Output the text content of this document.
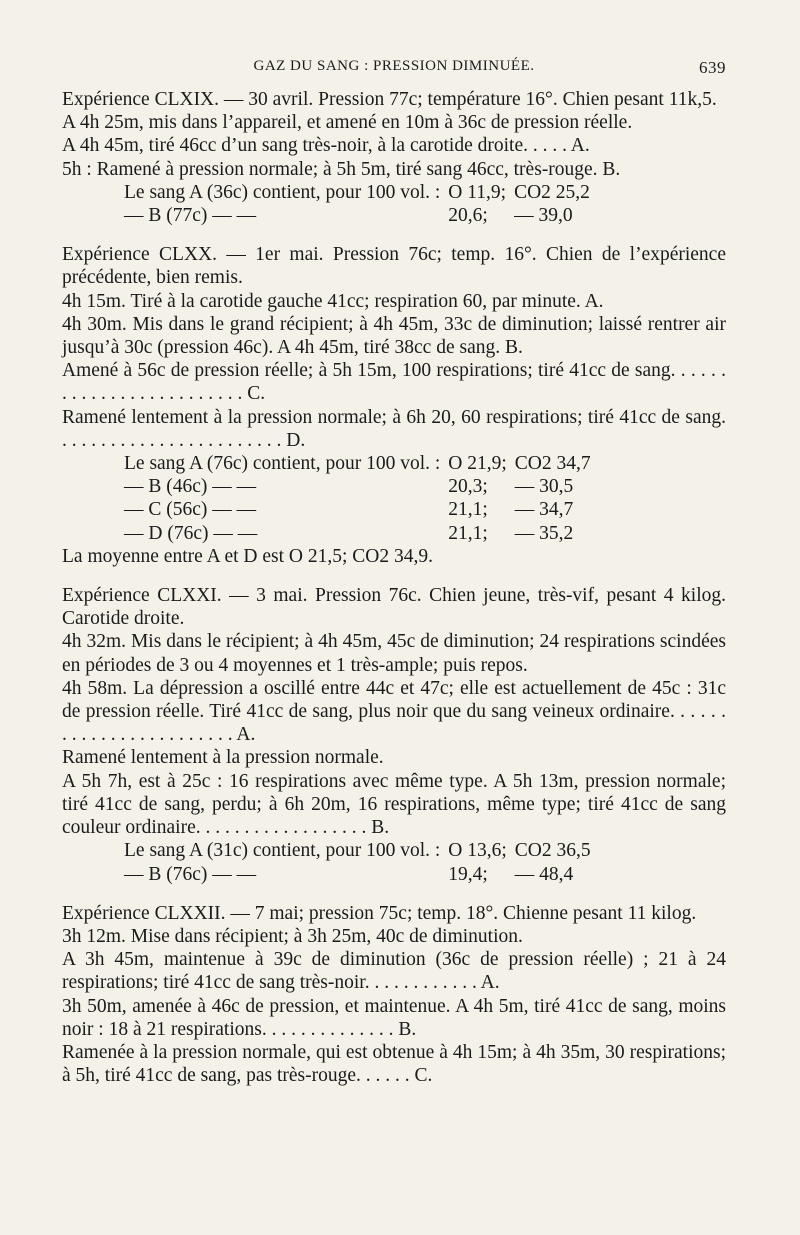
GAZ DU SANG : PRESSION DIMINUÉE.	639

Expérience CLXIX. — 30 avril. Pression 77c; température 16°. Chien pesant 11k,5.

A 4h 25m, mis dans l’appareil, et amené en 10m à 36c de pression réelle.

A 4h 45m, tiré 46cc d’un sang très-noir, à la carotide droite. . . . . A.

5h : Ramené à pression normale; à 5h 5m, tiré sang 46cc, très-rouge. B.

Le sang A (36c) contient, pour 100 vol. :	O 11,9;	CO2 25,2
— B (77c) — —	20,6;	— 39,0

Expérience CLXX. — 1er mai. Pression 76c; temp. 16°. Chien de l’expérience précédente, bien remis.

4h 15m. Tiré à la carotide gauche 41cc; respiration 60, par minute. A.

4h 30m. Mis dans le grand récipient; à 4h 45m, 33c de diminution; laissé rentrer air jusqu’à 30c (pression 46c). A 4h 45m, tiré 38cc de sang. B.

Amené à 56c de pression réelle; à 5h 15m, 100 respirations; tiré 41cc de sang. . . . . . . . . . . . . . . . . . . . . . . . . C.

Ramené lentement à la pression normale; à 6h 20, 60 respirations; tiré 41cc de sang. . . . . . . . . . . . . . . . . . . . . . . . D.

Le sang A (76c) contient, pour 100 vol. :	O 21,9;	CO2 34,7
— B (46c) — —	20,3;	— 30,5
— C (56c) — —	21,1;	— 34,7
— D (76c) — —	21,1;	— 35,2

La moyenne entre A et D est O 21,5; CO2 34,9.

Expérience CLXXI. — 3 mai. Pression 76c. Chien jeune, très-vif, pesant 4 kilog. Carotide droite.

4h 32m. Mis dans le récipient; à 4h 45m, 45c de diminution; 24 respirations scindées en périodes de 3 ou 4 moyennes et 1 très-ample; puis repos.

4h 58m. La dépression a oscillé entre 44c et 47c; elle est actuellement de 45c : 31c de pression réelle. Tiré 41cc de sang, plus noir que du sang veineux ordinaire. . . . . . . . . . . . . . . . . . . . . . . . A.

Ramené lentement à la pression normale.

A 5h 7h, est à 25c : 16 respirations avec même type. A 5h 13m, pression normale; tiré 41cc de sang, perdu; à 6h 20m, 16 respirations, même type; tiré 41cc de sang couleur ordinaire. . . . . . . . . . . . . . . . . . B.

Le sang A (31c) contient, pour 100 vol. :	O 13,6;	CO2 36,5
— B (76c) — —	19,4;	— 48,4

Expérience CLXXII. — 7 mai; pression 75c; temp. 18°. Chienne pesant 11 kilog.

3h 12m. Mise dans récipient; à 3h 25m, 40c de diminution.

A 3h 45m, maintenue à 39c de diminution (36c de pression réelle) ; 21 à 24 respirations; tiré 41cc de sang très-noir. . . . . . . . . . . . A.

3h 50m, amenée à 46c de pression, et maintenue. A 4h 5m, tiré 41cc de sang, moins noir : 18 à 21 respirations. . . . . . . . . . . . . . B.

Ramenée à la pression normale, qui est obtenue à 4h 15m; à 4h 35m, 30 respirations; à 5h, tiré 41cc de sang, pas très-rouge. . . . . . C.
